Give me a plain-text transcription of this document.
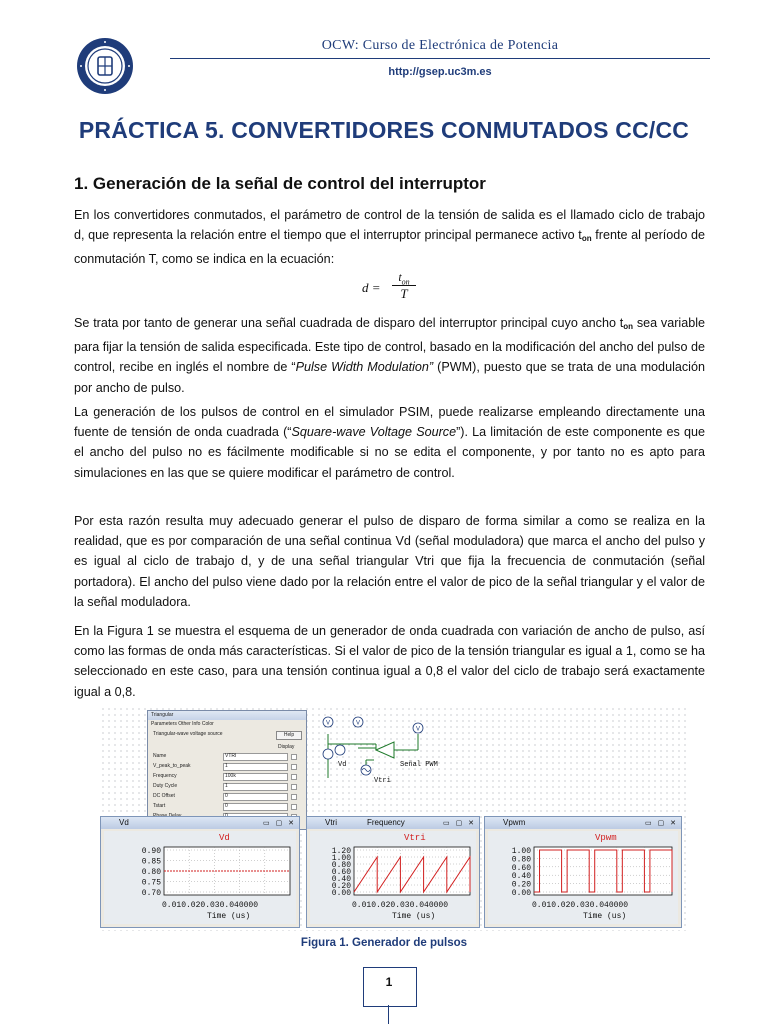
OCW: Curso de Electrónica de Potencia
http://gsep.uc3m.es
PRÁCTICA 5. CONVERTIDORES CONMUTADOS CC/CC
1. Generación de la señal de control del interruptor
En los convertidores conmutados, el parámetro de control de la tensión de salida es el llamado ciclo de trabajo d, que representa la relación entre el tiempo que el interruptor principal permanece activo $t_{on}$ frente al período de conmutación T, como se indica en la ecuación:
d =
$t_{on}$
T
Se trata por tanto de generar una señal cuadrada de disparo del interruptor principal cuyo ancho $t_{on}$ sea variable para fijar la tensión de salida especificada. Este tipo de control, basado en la modificación del ancho del pulso de control, recibe en inglés el nombre de “Pulse Width Modulation” (PWM), puesto que se trata de una modulación por ancho de pulso.
La generación de los pulsos de control en el simulador PSIM, puede realizarse empleando directamente una fuente de tensión de onda cuadrada (“Square-wave Voltage Source”). La limitación de este componente es que el ancho del pulso no es fácilmente modificable si no se edita el componente, y por tanto no es apto para simulaciones en las que se quiere modificar el parámetro de control.
Por esta razón resulta muy adecuado generar el pulso de disparo de forma similar a como se realiza en la realidad, que es por comparación de una señal continua Vd (señal moduladora) que marca el ancho del pulso y es igual al ciclo de trabajo d, y de una señal triangular Vtri que fija la frecuencia de conmutación (señal portadora). El ancho del pulso viene dado por la relación entre el valor de pico de la señal triangular y el valor de la señal moduladora.
En la Figura 1 se muestra el esquema de un generador de onda cuadrada con variación de ancho de pulso, así como las formas de onda más características. Si el valor de pico de la tensión triangular es igual a 1, como se ha seleccionado en este caso, para una tensión continua igual a 0,8 el valor del ciclo de trabajo será exactamente igual a 0,8.
Triangular
Parameters Other Info Color
Triangular-wave voltage source	Help
Display
Name	VTRI
V_peak_to_peak	1
Frequency	100k
Duty Cycle	1
DC Offset	0
Tstart	0
V	V
V
Vd
Vtri
Señal PWM
Vd	▭ ▢ ✕
Vd
0.90
0.85
0.80
0.75
0.70
0.010.020.030.040000
Time (us)
Vtri	Frequency	▭ ▢ ✕
Vtri
1.20
1.00
0.80
0.60
0.40
0.20
0.00
0.010.020.030.040000
Time (us)
Vpwm	▭ ▢ ✕
Vpwm
1.00
0.80
0.60
0.40
0.20
0.00
0.010.020.030.040000
Time (us)
Figura 1. Generador de pulsos
1
